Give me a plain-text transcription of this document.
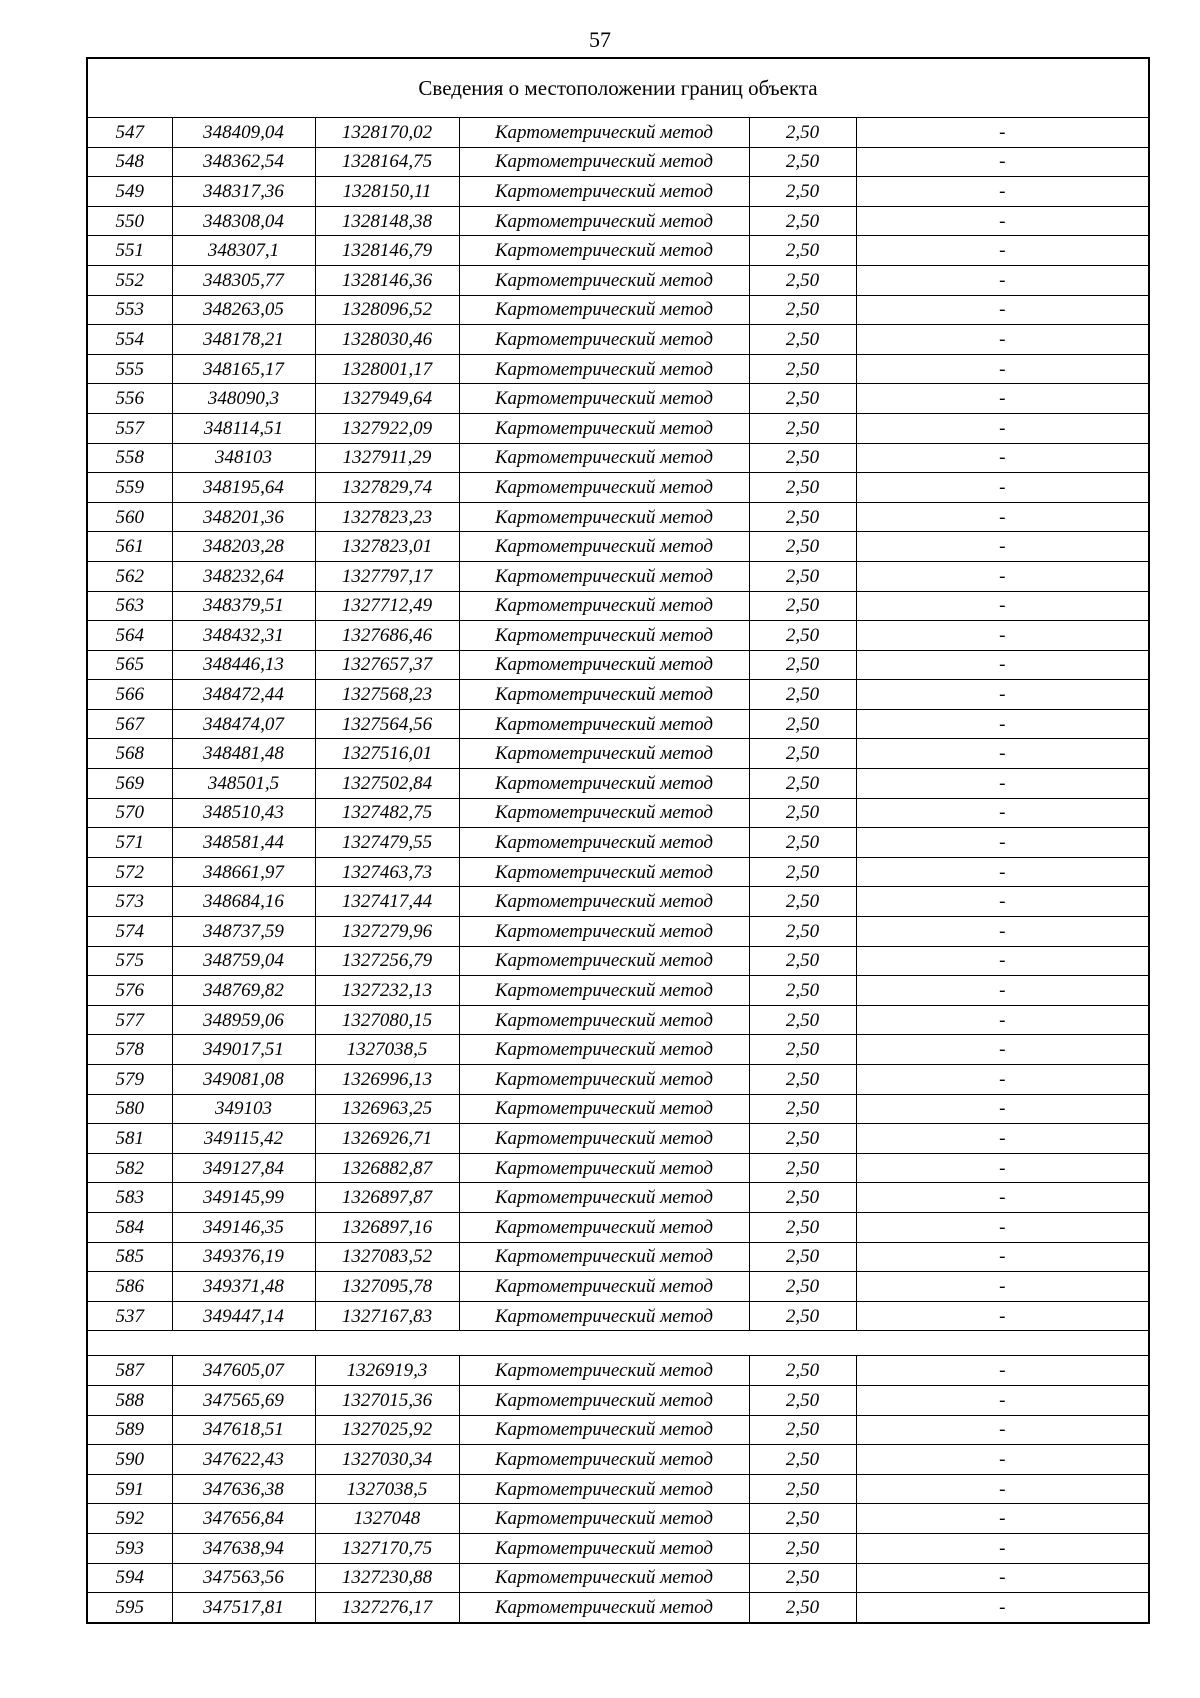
57
Сведения о местоположении границ объекта					
547	348409,04	1328170,02	Картометрический метод	2,50	-
548	348362,54	1328164,75	Картометрический метод	2,50	-
549	348317,36	1328150,11	Картометрический метод	2,50	-
550	348308,04	1328148,38	Картометрический метод	2,50	-
551	348307,1	1328146,79	Картометрический метод	2,50	-
552	348305,77	1328146,36	Картометрический метод	2,50	-
553	348263,05	1328096,52	Картометрический метод	2,50	-
554	348178,21	1328030,46	Картометрический метод	2,50	-
555	348165,17	1328001,17	Картометрический метод	2,50	-
556	348090,3	1327949,64	Картометрический метод	2,50	-
557	348114,51	1327922,09	Картометрический метод	2,50	-
558	348103	1327911,29	Картометрический метод	2,50	-
559	348195,64	1327829,74	Картометрический метод	2,50	-
560	348201,36	1327823,23	Картометрический метод	2,50	-
561	348203,28	1327823,01	Картометрический метод	2,50	-
562	348232,64	1327797,17	Картометрический метод	2,50	-
563	348379,51	1327712,49	Картометрический метод	2,50	-
564	348432,31	1327686,46	Картометрический метод	2,50	-
565	348446,13	1327657,37	Картометрический метод	2,50	-
566	348472,44	1327568,23	Картометрический метод	2,50	-
567	348474,07	1327564,56	Картометрический метод	2,50	-
568	348481,48	1327516,01	Картометрический метод	2,50	-
569	348501,5	1327502,84	Картометрический метод	2,50	-
570	348510,43	1327482,75	Картометрический метод	2,50	-
571	348581,44	1327479,55	Картометрический метод	2,50	-
572	348661,97	1327463,73	Картометрический метод	2,50	-
573	348684,16	1327417,44	Картометрический метод	2,50	-
574	348737,59	1327279,96	Картометрический метод	2,50	-
575	348759,04	1327256,79	Картометрический метод	2,50	-
576	348769,82	1327232,13	Картометрический метод	2,50	-
577	348959,06	1327080,15	Картометрический метод	2,50	-
578	349017,51	1327038,5	Картометрический метод	2,50	-
579	349081,08	1326996,13	Картометрический метод	2,50	-
580	349103	1326963,25	Картометрический метод	2,50	-
581	349115,42	1326926,71	Картометрический метод	2,50	-
582	349127,84	1326882,87	Картометрический метод	2,50	-
583	349145,99	1326897,87	Картометрический метод	2,50	-
584	349146,35	1326897,16	Картометрический метод	2,50	-
585	349376,19	1327083,52	Картометрический метод	2,50	-
586	349371,48	1327095,78	Картометрический метод	2,50	-
537	349447,14	1327167,83	Картометрический метод	2,50	-

587	347605,07	1326919,3	Картометрический метод	2,50	-
588	347565,69	1327015,36	Картометрический метод	2,50	-
589	347618,51	1327025,92	Картометрический метод	2,50	-
590	347622,43	1327030,34	Картометрический метод	2,50	-
591	347636,38	1327038,5	Картометрический метод	2,50	-
592	347656,84	1327048	Картометрический метод	2,50	-
593	347638,94	1327170,75	Картометрический метод	2,50	-
594	347563,56	1327230,88	Картометрический метод	2,50	-
595	347517,81	1327276,17	Картометрический метод	2,50	-
